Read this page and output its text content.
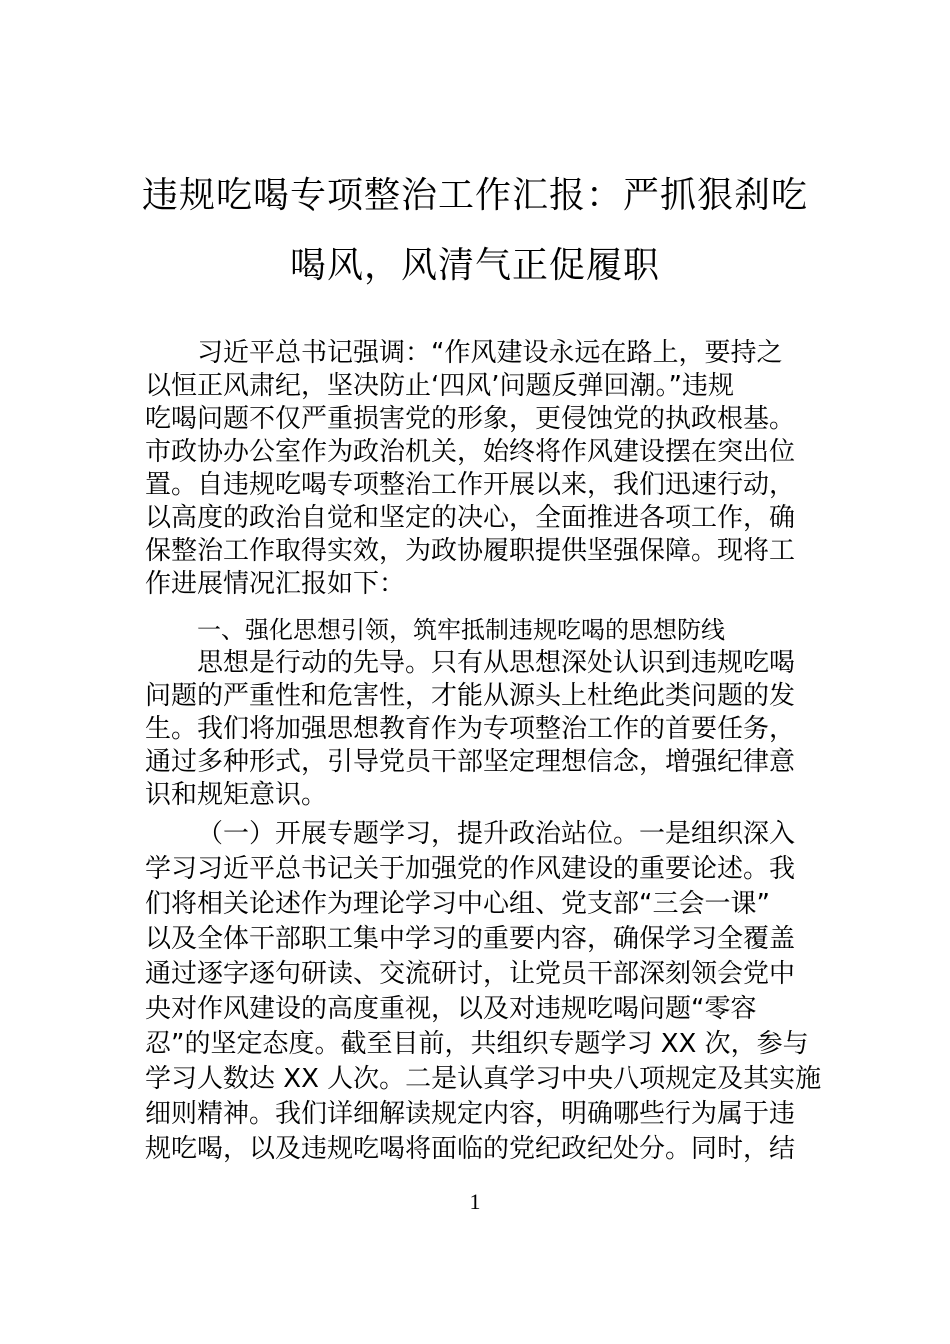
违规吃喝专项整治工作汇报：严抓狠刹吃
喝风，风清气正促履职
习近平总书记强调：“作风建设永远在路上，要持之
以恒正风肃纪，坚决防止‘四风’问题反弹回潮。”违规
吃喝问题不仅严重损害党的形象，更侵蚀党的执政根基。
市政协办公室作为政治机关，始终将作风建设摆在突出位
置。自违规吃喝专项整治工作开展以来，我们迅速行动，
以高度的政治自觉和坚定的决心，全面推进各项工作，确
保整治工作取得实效，为政协履职提供坚强保障。现将工
作进展情况汇报如下：
一、强化思想引领，筑牢抵制违规吃喝的思想防线
思想是行动的先导。只有从思想深处认识到违规吃喝
问题的严重性和危害性，才能从源头上杜绝此类问题的发
生。我们将加强思想教育作为专项整治工作的首要任务，
通过多种形式，引导党员干部坚定理想信念，增强纪律意
识和规矩意识。
（一）开展专题学习，提升政治站位。一是组织深入
学习习近平总书记关于加强党的作风建设的重要论述。我
们将相关论述作为理论学习中心组、党支部“三会一课”
以及全体干部职工集中学习的重要内容，确保学习全覆盖
通过逐字逐句研读、交流研讨，让党员干部深刻领会党中
央对作风建设的高度重视，以及对违规吃喝问题“零容
忍”的坚定态度。截至目前，共组织专题学习 XX 次，参与
学习人数达 XX 人次。二是认真学习中央八项规定及其实施
细则精神。我们详细解读规定内容，明确哪些行为属于违
规吃喝，以及违规吃喝将面临的党纪政纪处分。同时，结
1
